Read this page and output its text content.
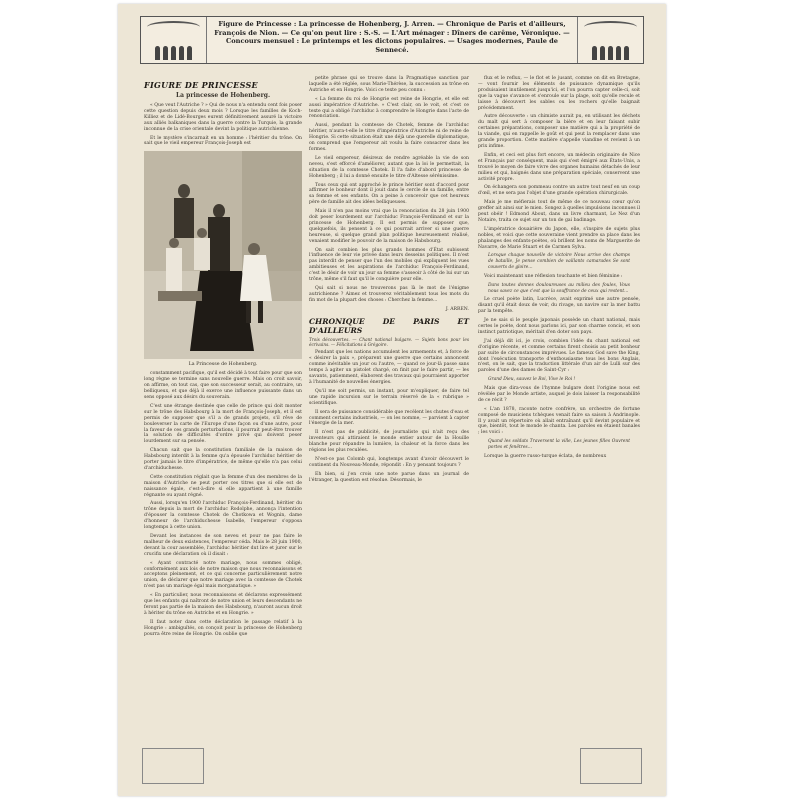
Figure de Princesse : La princesse de Hohenberg, J. Arren. — Chronique de Paris et d'ailleurs, François de Nion. — Ce qu'on peut lire : S.-S. — L'Art ménager : Dîners de carême, Véronique. — Concours mensuel : Le printemps et les dictons populaires. — Usages modernes, Paule de Sennecé.
FIGURE DE PRINCESSE
La princesse de Hohenberg.

« Que veut l'Autriche ? » Qui de nous n'a entendu cent fois poser cette question depuis deux mois ? Lorsque les familles de Koch-Killiez et de Lidé-Bourges eurent définitivement assuré la victoire aux alliés balkaniques dans la guerre contre la Turquie, la grande inconnue de la crise orientale devint la politique autrichienne.

Et le mystère s'incarnait en un homme : l'héritier du trône. On sait que le vieil empereur François-Joseph est

La Princesse de Hohenberg.

constamment pacifique, qu'il est décidé à tout faire pour que son long règne se termine sans nouvelle guerre. Mais on croit savoir, on affirme, on tout cas, que son successeur serait, au contraire, un belliqueux, et que déjà il exerce une influence puissante dans un sens opposé aux désirs du souverain.

C'est une étrange destinée que celle de prince qui doit monter sur le trône des Habsbourg à la mort de François-Joseph, et il est permis de supposer que s'il a de grands projets, s'il rêve de bouleverser la carte de l'Europe d'une façon ou d'une autre, pour la faveur de ces grands perturbations, il pourrait peut-être trouver la solution de difficultés d'ordre privé qui doivent peser lourdement sur sa pensée.

Chacun sait que la constitution familiale de la maison de Habsbourg interdit à la femme qu'a épousée l'archiduc héritier de porter jamais le titre d'impératrice, de même qu'elle n'a pas celui d'archiduchesse.

Cette constitution réglait que la femme d'un des membres de la maison d'Autriche ne peut porter ces titres que si elle est de naissance égale, c'est-à-dire si elle appartient à une famille régnante ou ayant régné.

Aussi, lorsqu'en 1900 l'archiduc François-Ferdinand, héritier du trône depuis la mort de l'archiduc Rodolphe, annonça l'intention d'épouser la comtesse Chotek de Chotkowa et Wognin, dame d'honneur de l'archiduchesse Isabelle, l'empereur s'opposa longtemps à cette union.

Devant les instances de son neveu et pour ne pas faire le malheur de deux existences, l'empereur céda. Mais le 28 juin 1900, devant la cour assemblée, l'archiduc héritier dut lire et jurer sur le crucifix une déclaration où il disait :

« Ayant contracté notre mariage, nous sommes obligé, conformément aux lois de notre maison que nous reconnaissons et acceptons pleinement, et ce qui concerne particulièrement notre union, de déclarer que notre mariage avec la comtesse de Chotek n'est pas un mariage égal mais morganatique. »

« En particulier, nous reconnaissons et déclarons expressément que les enfants qui naîtront de notre union et leurs descendants ne feront pas partie de la maison des Habsbourg, n'auront aucun droit à hériter du trône en Autriche et en Hongrie. »

Il faut noter dans cette déclaration le passage relatif à la Hongrie : ambiguïtés, on conçoit pour la princesse de Hohenberg pourra être reine de Hongrie. On oublie que

petite phrase qui se trouve dans la Pragmatique sanction par laquelle a été réglée, sous Marie-Thérèse, la succession au trône en Autriche et en Hongrie. Voici ce texte peu connu :

« La femme du roi de Hongrie est reine de Hongrie, et elle est aussi impératrice d'Autriche. » C'est clair, on le voit, et c'est ce texte qui a obligé l'archiduc à comprendre le Hongrie dans l'acte de renonciation.

Aussi, pendant la comtesse de Chotek, femme de l'archiduc héritier, n'aura-t-elle le titre d'impératrice d'Autriche ni de reine de Hongrie. Si cette situation était une déjà une querelle diplomatique, on comprend que l'empereur ait voulu la faire consacrer dans les formes.

Le vieil empereur, désireux de rendre agréable la vie de son neveu, s'est efforcé d'améliorer, autant que la loi le permettait, la situation de la comtesse Chotek. Il l'a faite d'abord princesse de Hohenberg ; il lui a donné ensuite le titre d'Altesse sérénissime.

Tous ceux qui ont approché le prince héritier sont d'accord pour affirmer le bonheur dont il jouit dans le cercle de sa famille, entre sa femme et ses enfants. On a peine à concevoir que cet heureux père de famille ait des idées belliqueuses.

Mais il n'en pas moins vrai que la renonciation du 28 juin 1900 doit peser lourdement sur l'archiduc François-Ferdinand et sur la princesse de Hohenberg. Il est permis de supposer que, quelquefois, ils pensent à ce qui pourrait arriver si une guerre heureuse, si quelque grand plan politique heureusement réalisé, venaient modifier le pouvoir de la maison de Habsbourg.

On sait combien les plus grands hommes d'État subissent l'influence de leur vie privée dans leurs desseins politiques. Il n'est pas interdit de penser que l'un des mobiles qui expliquent les vues ambitieuses et les aspirations de l'archiduc François-Ferdinand, c'est le désir de voir un jour sa femme s'asseoir à côté de lui sur un trône, même s'il faut qu'il le conquière pour elle.

Qui sait si nous ne trouverons pas là le mot de l'énigme autrichienne ? Aimez et trouverez véritablement tous les mots du fin mot de la plupart des choses : Cherchez la femme...

J. ARREN.
CHRONIQUE DE PARIS ET D'AILLEURS

Trois découvertes. — Chant national bulgare. — Sujets bons pour les écrivains. — Félicitations à Grégoire.

Pendant que les nations accumulent les armements et, à force de « désirer la paix », préparent une guerre que certains annoncent comme inévitable un jour ou l'autre, — quand ce jour-là passe sans temps à agiter un pistolet chargé, on finit par le faire partir, — les savants, patiemment, élaborent des travaux qui pourraient apporter à l'humanité de nouvelles énergies.

Qu'il me soit permis, un instant, pour m'expliquer, de faire tel une rapide incursion sur le terrain réservé de la « rubrique » scientifique.

Il sera de puissance considérable que recèlent les chutes d'eau et comment certains industriels, — on les nomme, — parvient à capter l'énergie de la mer.

Il n'est pas de publicité, de journaliste qui n'ait reçu des inventeurs qui attiraient le monde entier autour de la Houille blanche pour répandre la lumière, la chaleur et la force dans les régions les plus reculées.

N'est-ce pas Colomb qui, longtemps avant d'avoir découvert le continent du Nouveau-Monde, répondit : En y pensant toujours ?

Eh bien, si j'en crois une note parue dans un journal de l'étranger, la question est résolue. Désormais, le

flux et le reflux, — le flot et le jusant, comme on dit en Bretagne, — vont fournir les éléments de puissance dynamique qu'ils produisaient inutilement jusqu'ici, et l'on pourra capter celle-ci, soit que la vague s'avance et s'enroule sur la plage, soit qu'elle recule et laisse à découvert les sables ou les rochers qu'elle baignait précédemment.

Autre découverte : un chimiste aurait pu, en utilisant les déchets du malt qui sert à composer la bière et en leur faisant subir certaines préparations, composer une matière qui a la propriété de la viande, qui en rappelle le goût et qui peut la remplacer dans une grande proportion. Cette matière s'appelle viandine et revient à un prix infime.

Enfin, et ceci est plus fort encore, un médecin originaire de Nice et Français par conséquent, mais qui s'est émigré aux États-Unis, a trouvé le moyen de faire vivre des organes humains détachés de leur milieu et qui, baignés dans une préparation spéciale, conservent une activité propre.

On échangera son pommeau contre un autre tout neuf en un coup d'œil, et ne sera pas l'objet d'une grande opération chirurgicale.

Mais je me méfierais tout de même de ce nouveau cœur qu'on greffer ait ainsi sur le mien. Songez à quelles impulsions inconnues il peut obéir ! Edmond About, dans un livre charmant, Le Nez d'un Notaire, traita ce sujet sur un ton de gai badinage.

L'impératrice douairière du Japon, elle, s'inspire de sujets plus nobles, et voici que cette souveraine vient prendre sa place dans les phalanges des enfants-poètes, où brillent les noms de Marguerite de Navarre, de Marie Stuart et de Carmen Sylva.

Lorsque chaque nouvelle de victoire Nous arrive des champs de bataille, Je pense combien de vaillants camarades Se sont couverts de gloire...

Voici maintenant une réflexion touchante et bien féminine :

Dans toutes donnes douloureuses au milieu des foules, Vous nous savez ce que c'est que la souffrance de ceux qui restent...

Le cruel poète latin, Lucrèce, avait exprimé une autre pensée, disant qu'il était doux de voir, du rivage, un navire sur la mer battu par la tempête.

Je ne sais si le peuple japonais possède un chant national, mais certes le poète, dont nous parlons ici, par son charme concis, et son instinct patriotique, méritait d'en doter son pays.

J'ai déjà dit ici, je crois, combien l'idée du chant national est d'origine récente, et comme certains firent choisis au petit bonheur par suite de circonstances imprévues. Le fameux God save the King, dont l'exécution transporte d'enthousiasme tous les bons Anglais, n'est, on le sait, que la traduction littérale d'un air de Lulli sur des paroles d'une des dames de Saint-Cyr :

Grand Dieu, sauvez le Roi, Vive le Roi !

Mais que dira-vous de l'hymne bulgare dont l'origine nous est révélée par le Monde artiste, auquel je dois laisser la responsabilité de ce récit ?

« L'an 1878, raconte notre confrère, un orchestre de fortune composé de musiciens tchèques venait faire sa saison à Andrinople. Il y avait un répertoire où allait entraînant qu'il devint populaire et que, bientôt, tout le monde le chanta. Les paroles en étaient banales ; les voici :

Quand les soldats Traversent la ville, Les jeunes filles Ouvrent portes et fenêtres...

Lorsque la guerre russo-turque éclata, de nombreux
